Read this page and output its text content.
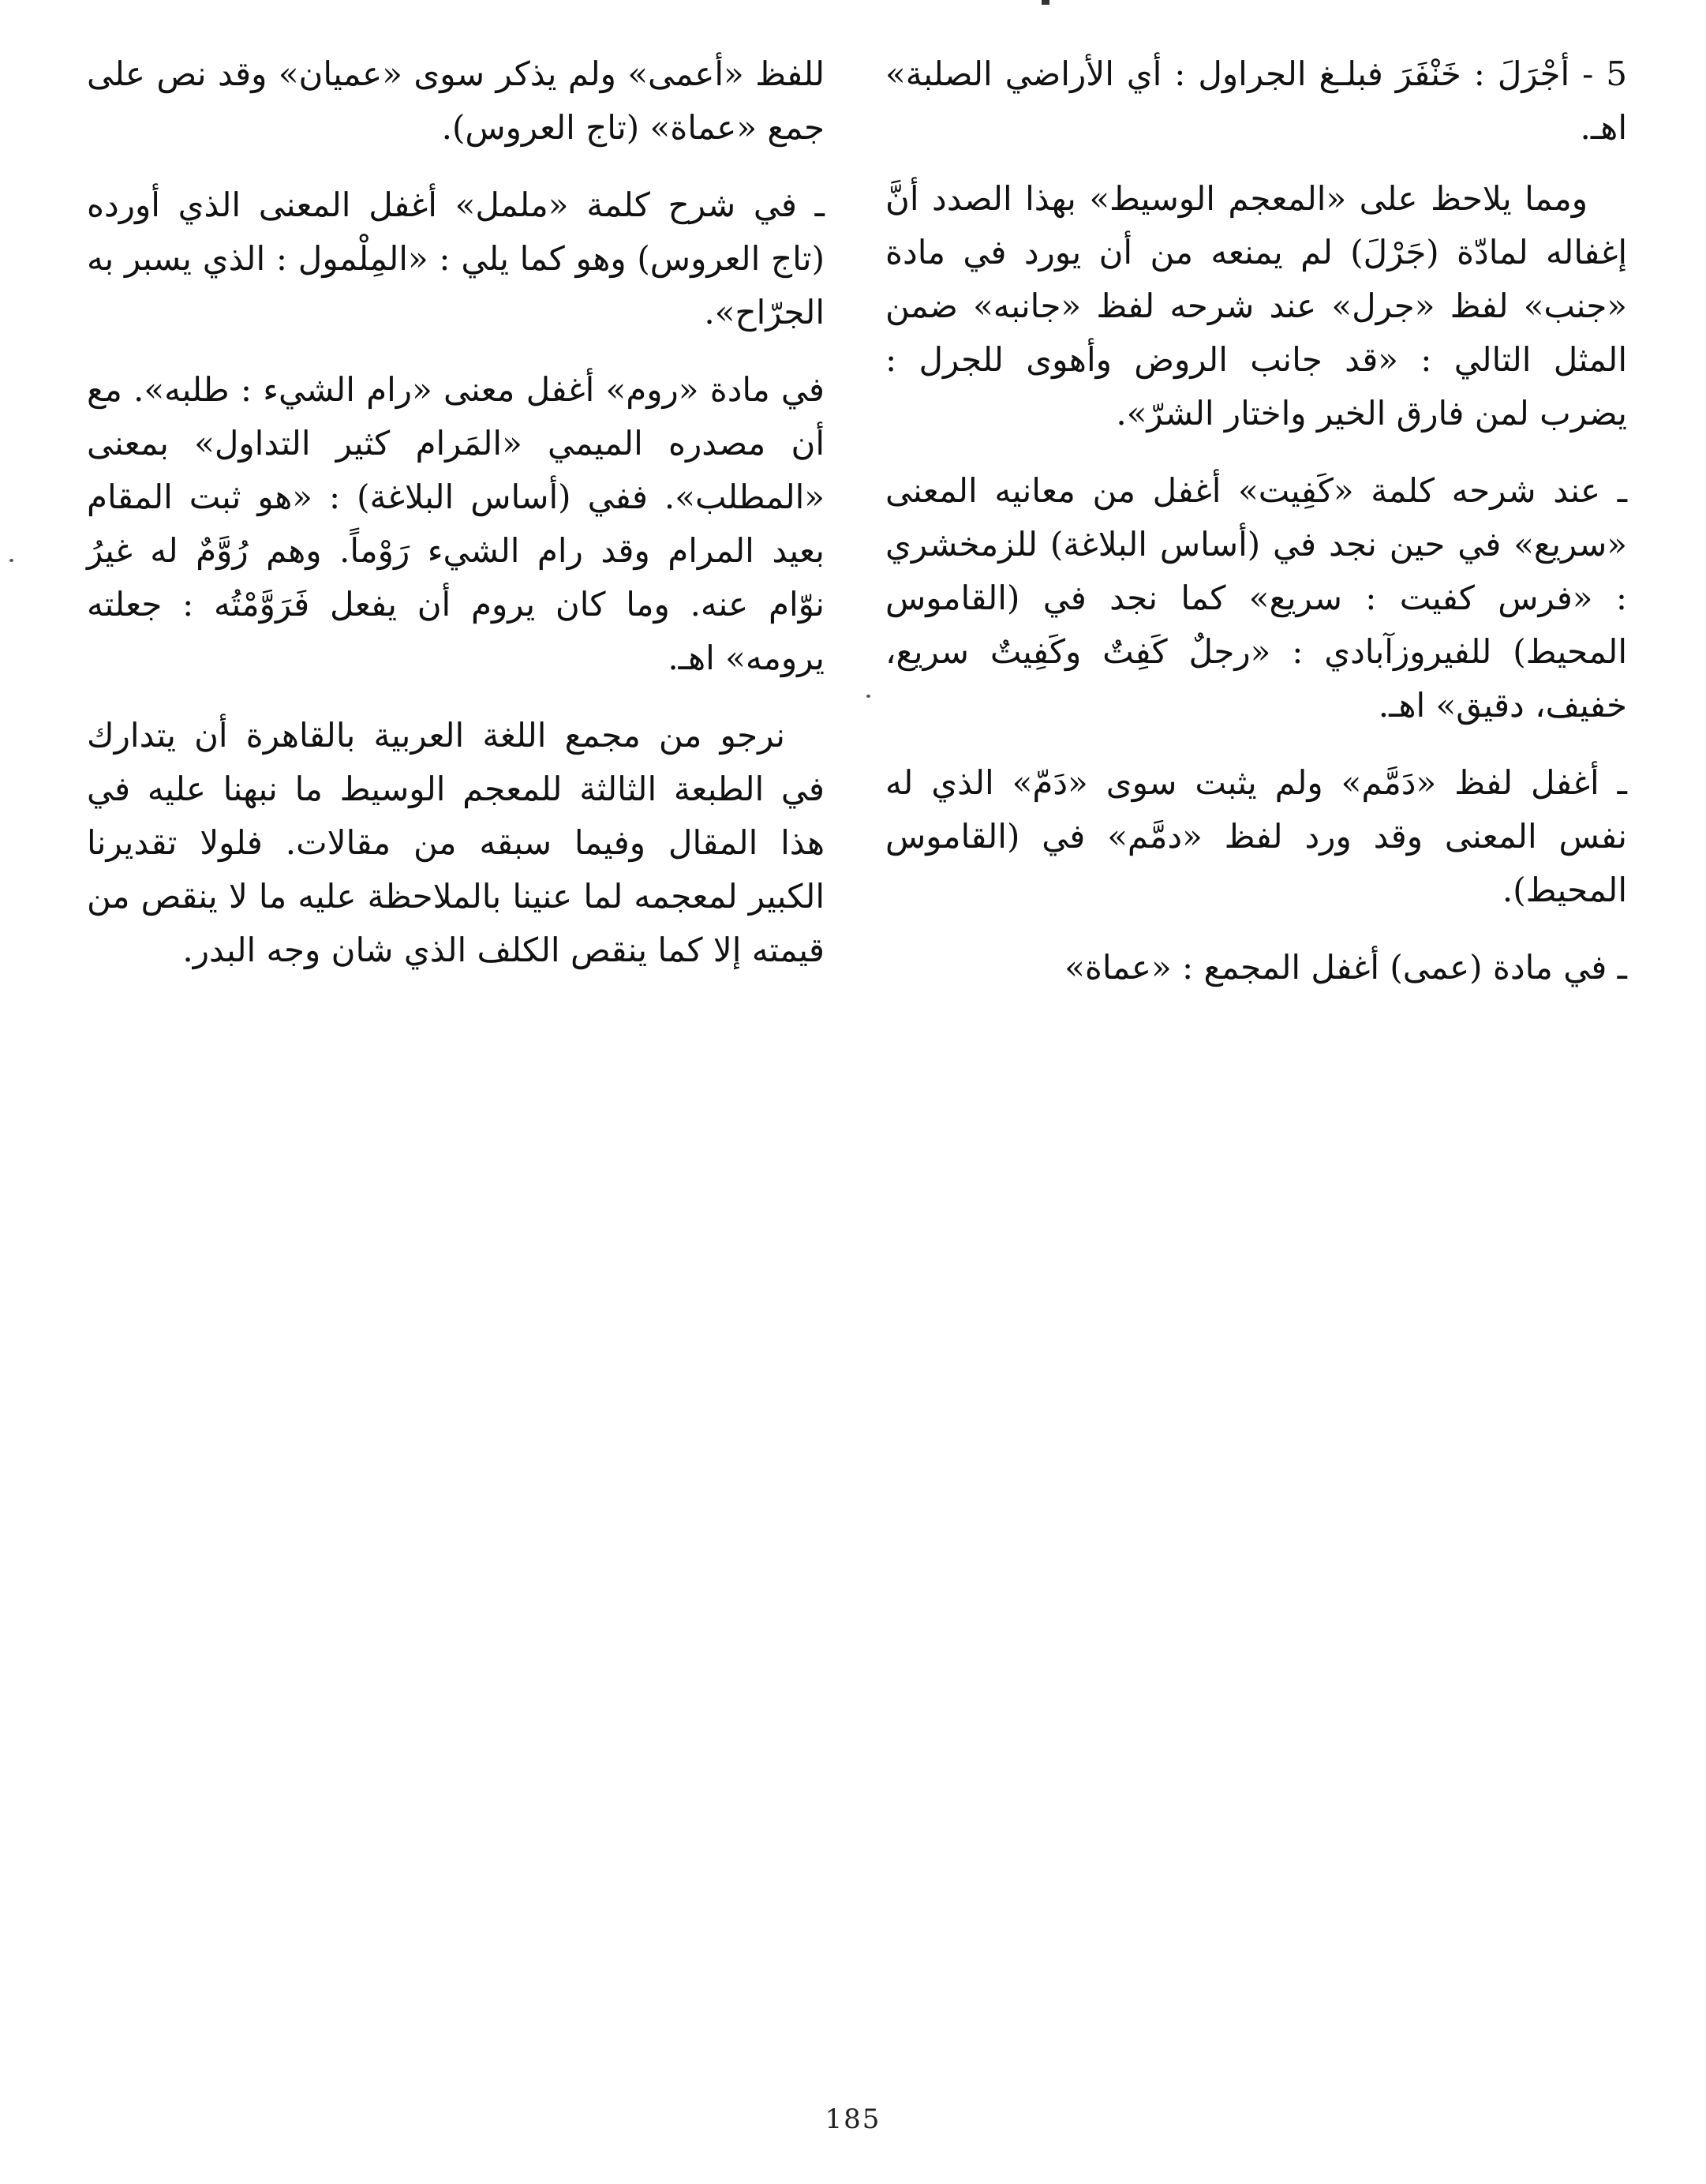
5 - أجْرَلَ : خَنْفَرَ فبلـغ الجراول : أي الأراضي الصلبة» اهـ.

ومما يلاحظ على «المعجم الوسيط» بهذا الصدد أنَّ إغفاله لمادّة (جَرْلَ) لم يمنعه من أن يورد في مادة «جنب» لفظ «جرل» عند شرحه لفظ «جانبه» ضمن المثل التالي : «قد جانب الروض وأهوى للجرل : يضرب لمن فارق الخير واختار الشرّ».

ـ عند شرحه كلمة «كَفِيت» أغفل من معانيه المعنى «سريع» في حين نجد في (أساس البلاغة) للزمخشري : «فرس كفيت : سريع» كما نجد في (القاموس المحيط) للفيروزآبادي : «رجلٌ كَفِتٌ وكَفِيتٌ سريع، خفيف، دقيق» اهـ.

ـ أغفل لفظ «دَمَّم» ولم يثبت سوى «دَمّ» الذي له نفس المعنى وقد ورد لفظ «دمَّم» في (القاموس المحيط).

ـ في مادة (عمى) أغفل المجمع : «عماة»

للفظ «أعمى» ولم يذكر سوى «عميان» وقد نص على جمع «عماة» (تاج العروس).

ـ في شرح كلمة «ململ» أغفل المعنى الذي أورده (تاج العروس) وهو كما يلي : «المِلْمول : الذي يسبر به الجرّاح».

في مادة «روم» أغفل معنى «رام الشيء : طلبه». مع أن مصدره الميمي «المَرام كثير التداول» بمعنى «المطلب». ففي (أساس البلاغة) : «هو ثبت المقام بعيد المرام وقد رام الشيء رَوْماً. وهم رُوَّمٌ له غيرُ نوّام عنه. وما كان يروم أن يفعل فَرَوَّمْتُه : جعلته يرومه» اهـ.

نرجو من مجمع اللغة العربية بالقاهرة أن يتدارك في الطبعة الثالثة للمعجم الوسيط ما نبهنا عليه في هذا المقال وفيما سبقه من مقالات. فلولا تقديرنا الكبير لمعجمه لما عنينا بالملاحظة عليه ما لا ينقص من قيمته إلا كما ينقص الكلف الذي شان وجه البدر.

185
